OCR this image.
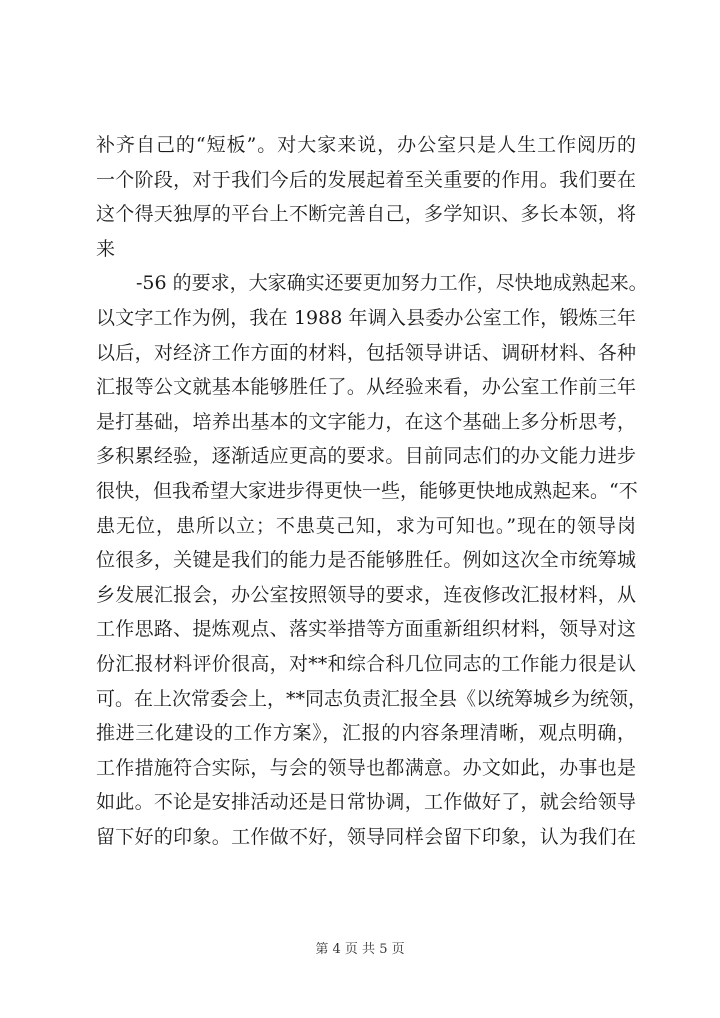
补齐自己的“短板”。对大家来说，办公室只是人生工作阅历的
一个阶段，对于我们今后的发展起着至关重要的作用。我们要在
这个得天独厚的平台上不断完善自己，多学知识、多长本领，将
来
-56 的要求，大家确实还要更加努力工作，尽快地成熟起来。
以文字工作为例，我在 1988 年调入县委办公室工作，锻炼三年
以后，对经济工作方面的材料，包括领导讲话、调研材料、各种
汇报等公文就基本能够胜任了。从经验来看，办公室工作前三年
是打基础，培养出基本的文字能力，在这个基础上多分析思考，
多积累经验，逐渐适应更高的要求。目前同志们的办文能力进步
很快，但我希望大家进步得更快一些，能够更快地成熟起来。“不
患无位，患所以立；不患莫己知，求为可知也。”现在的领导岗
位很多，关键是我们的能力是否能够胜任。例如这次全市统筹城
乡发展汇报会，办公室按照领导的要求，连夜修改汇报材料，从
工作思路、提炼观点、落实举措等方面重新组织材料，领导对这
份汇报材料评价很高，对**和综合科几位同志的工作能力很是认
可。在上次常委会上，**同志负责汇报全县《以统筹城乡为统领，
推进三化建设的工作方案》，汇报的内容条理清晰，观点明确，
工作措施符合实际，与会的领导也都满意。办文如此，办事也是
如此。不论是安排活动还是日常协调，工作做好了，就会给领导
留下好的印象。工作做不好，领导同样会留下印象，认为我们在
第 4 页 共 5 页
